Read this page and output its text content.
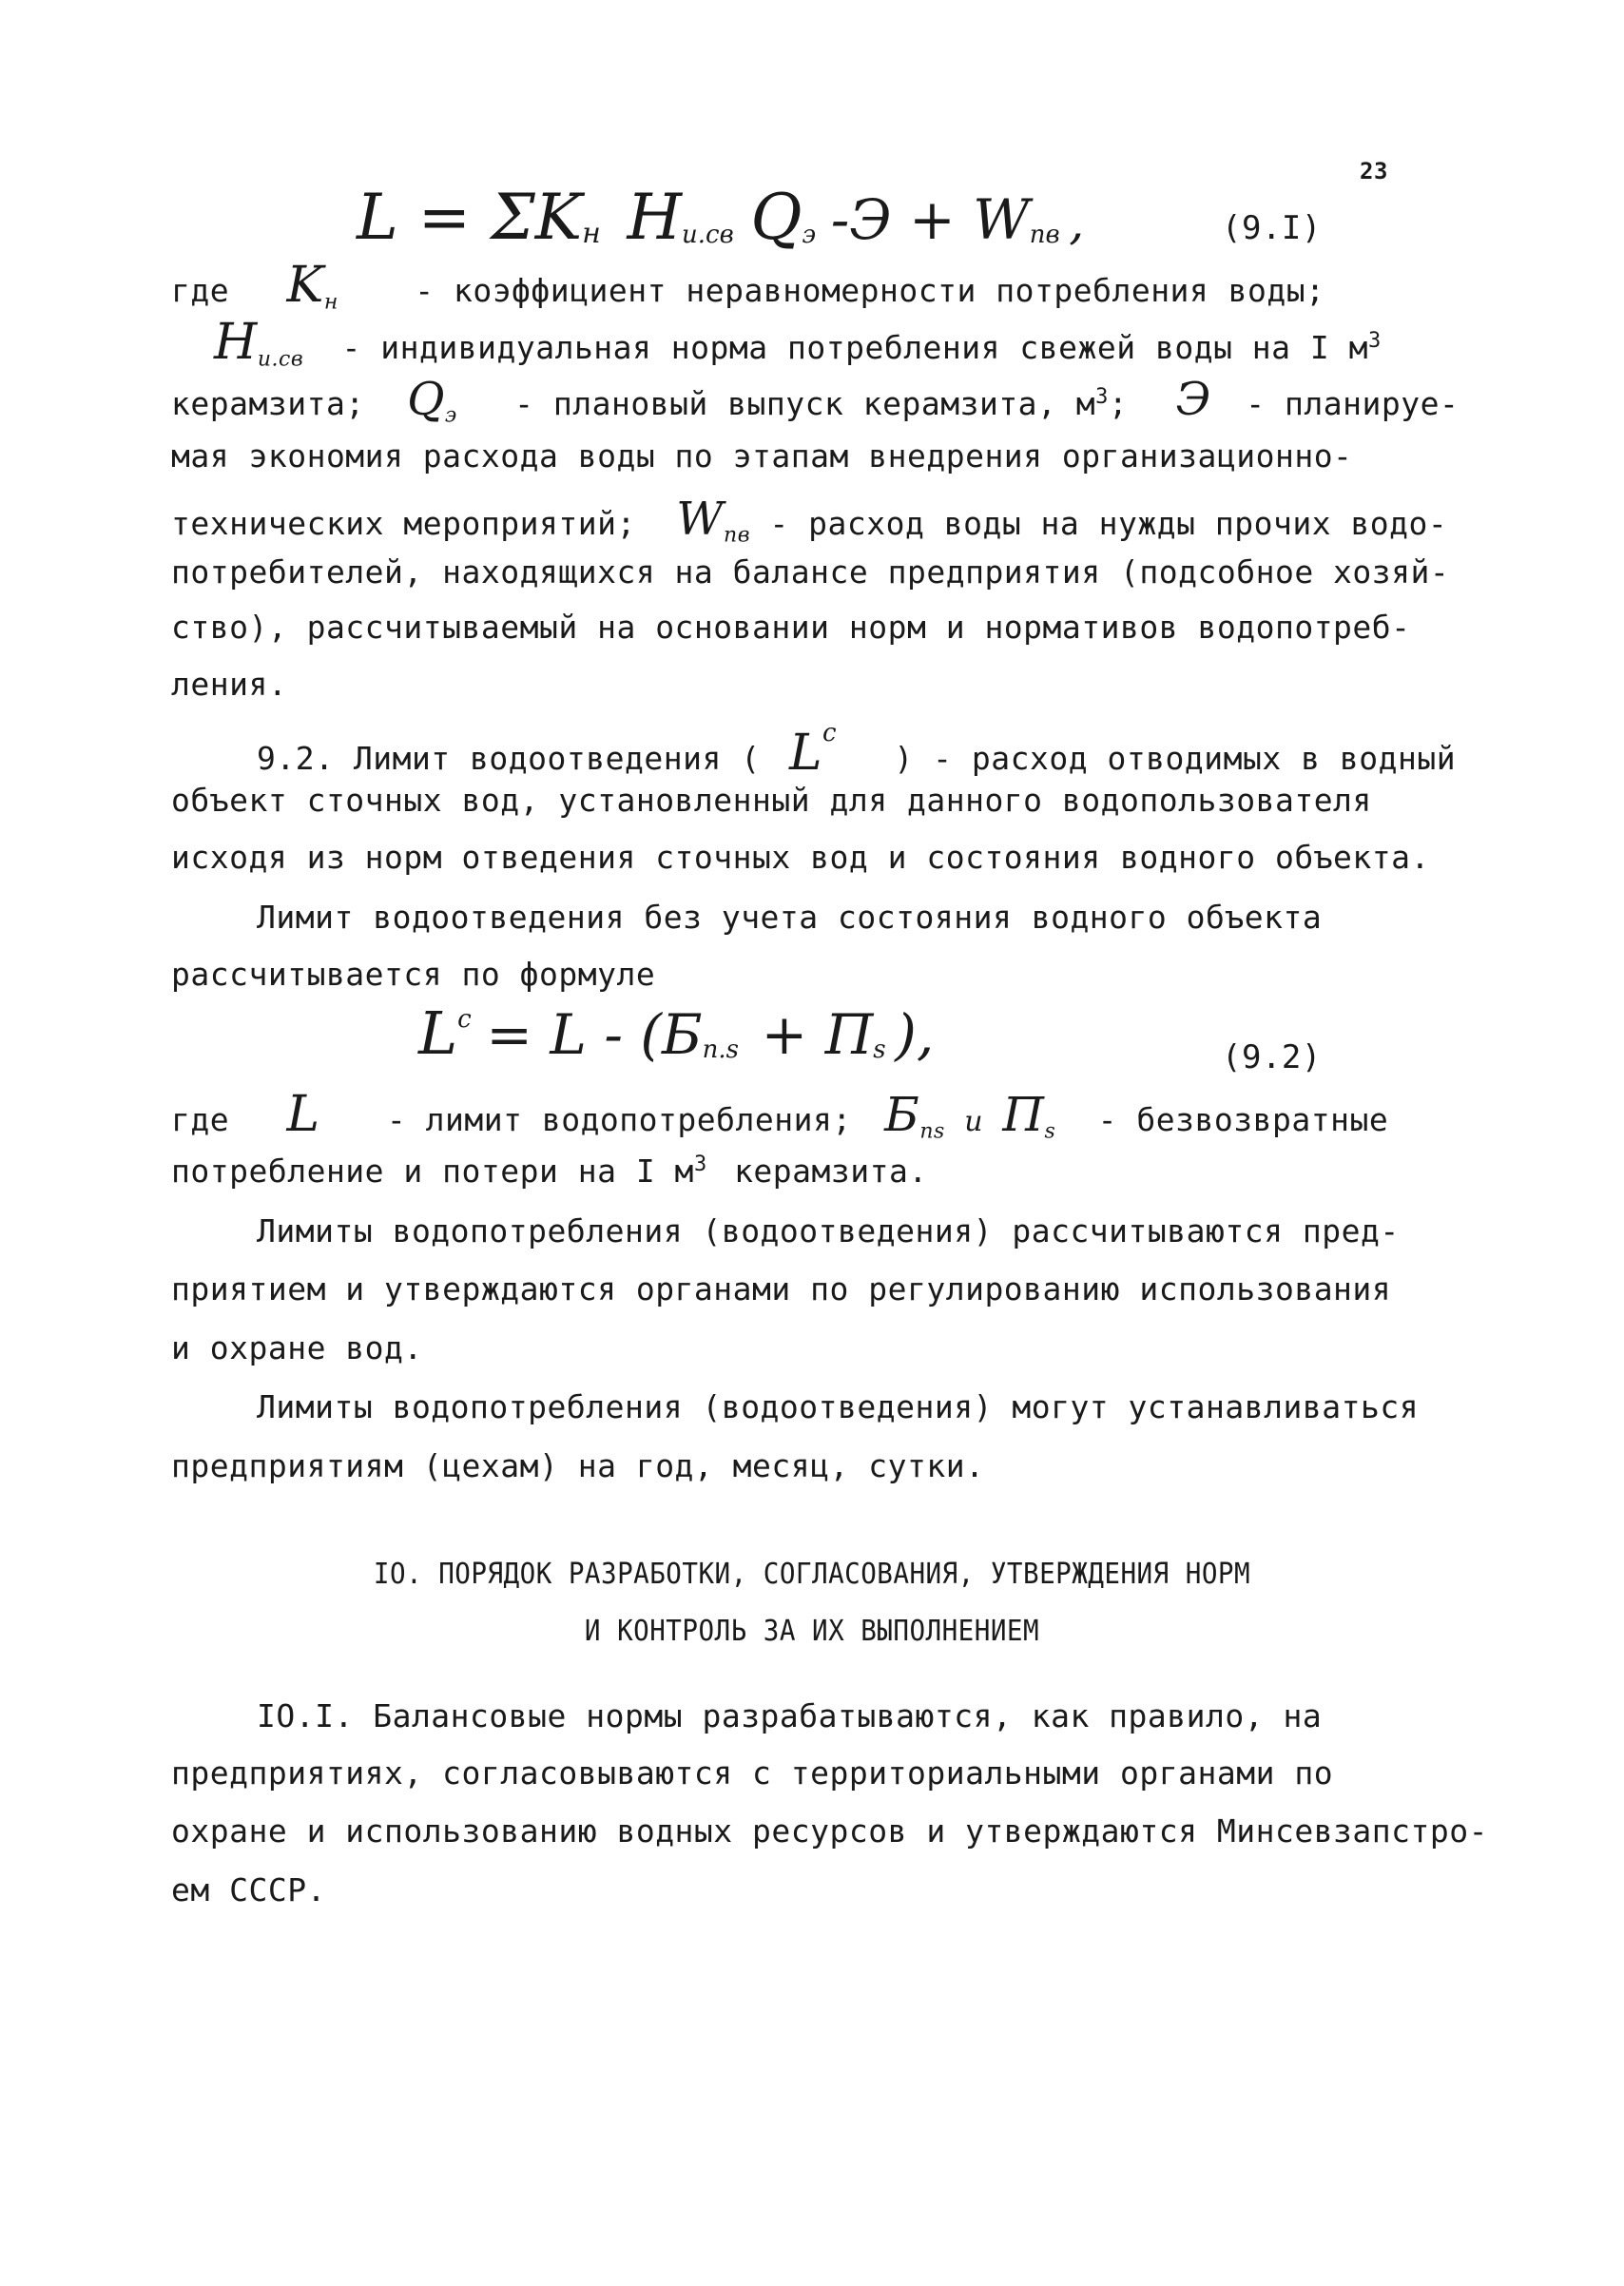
23
$L = \Sigma K_н$ $H_{и.св}$ $Q_э$ $-Э + W_{пв}$ ,	(9.I)
где $K_н$ - коэффициент неравномерности потребления воды;
$H_{и.св}$ - индивидуальная норма потребления свежей воды на I $м^3$
керамзита; $Q_э$ - плановый выпуск керамзита, $м^3$; Э - планируе-
мая экономия расхода воды по этапам внедрения организационно-
технических мероприятий; $W_{пв}$ - расход воды на нужды прочих водо-
потребителей, находящихся на балансе предприятия (подсобное хозяй-
ство), рассчитываемый на основании норм и нормативов водопотреб-
ления.
9.2. Лимит водоотведения ( $L^c$ ) - расход отводимых в водный
объект сточных вод, установленный для данного водопользователя
исходя из норм отведения сточных вод и состояния водного объекта.
Лимит водоотведения без учета состояния водного объекта
рассчитывается по формуле
$L^c = L - (Б_{п.s} + П_s$ ),	(9.2)
где L - лимит водопотребления; $Б_{пs}$ и $П_s$ - безвозвратные
потребление и потери на I $м^3$ керамзита.
Лимиты водопотребления (водоотведения) рассчитываются пред-
приятием и утверждаются органами по регулированию использования
и охране вод.
Лимиты водопотребления (водоотведения) могут устанавливаться
предприятиям (цехам) на год, месяц, сутки.
IO. ПОРЯДОК РАЗРАБОТКИ, СОГЛАСОВАНИЯ, УТВЕРЖДЕНИЯ НОРМ
И КОНТРОЛЬ ЗА ИХ ВЫПОЛНЕНИЕМ
IO.I. Балансовые нормы разрабатываются, как правило, на
предприятиях, согласовываются с территориальными органами по
охране и использованию водных ресурсов и утверждаются Минсевзапстро-
ем СССР.
